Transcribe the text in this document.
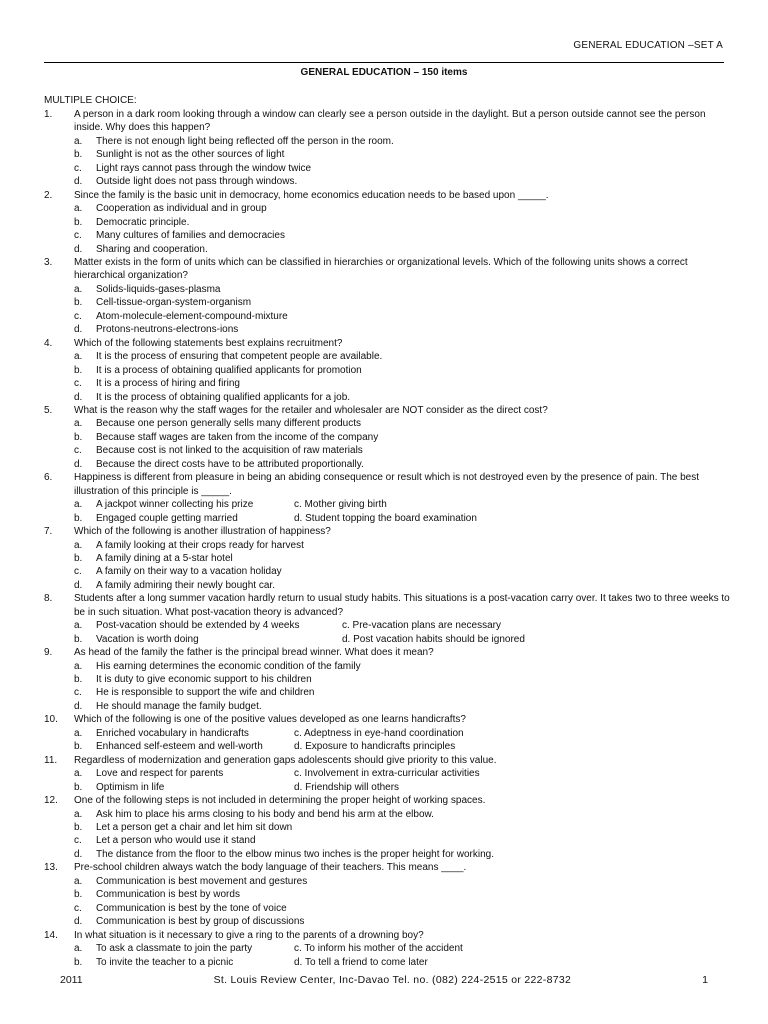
GENERAL EDUCATION –SET A
GENERAL EDUCATION – 150 items
MULTIPLE CHOICE:
1.	A person in a dark room looking through a window can clearly see a person outside in the daylight. But a person outside cannot see the person inside. Why does this happen?
a.	There is not enough light being reflected off the person in the room.
b.	Sunlight is not as the other sources of light
c.	Light rays cannot pass through the window twice
d.	Outside light does not pass through windows.
2.	Since the family is the basic unit in democracy, home economics education needs to be based upon _____.
a.	Cooperation as individual and in group
b.	Democratic principle.
c.	Many cultures of families and democracies
d.	Sharing and cooperation.
3.	Matter exists in the form of units which can be classified in hierarchies or organizational levels. Which of the following units shows a correct hierarchical organization?
a.	Solids-liquids-gases-plasma
b.	Cell-tissue-organ-system-organism
c.	Atom-molecule-element-compound-mixture
d.	Protons-neutrons-electrons-ions
4.	Which of the following statements best explains recruitment?
a.	It is the process of ensuring that competent people are available.
b.	It is a process of obtaining qualified applicants for promotion
c.	It is a process of hiring and firing
d.	It is the process of obtaining qualified applicants for a job.
5.	What is the reason why the staff wages for the retailer and wholesaler are NOT consider as the direct cost?
a.	Because one person generally sells many different products
b.	Because staff wages are taken from the income of the company
c.	Because cost is not linked to the acquisition of raw materials
d.	Because the direct costs have to be attributed proportionally.
6.	Happiness is different from pleasure in being an abiding consequence or result which is not destroyed even by the presence of pain. The best illustration of this principle is _____.
a.	A jackpot winner collecting his prize	c. Mother giving birth
b.	Engaged couple getting married	d. Student topping the board examination
7.	Which of the following is another illustration of happiness?
a.	A family looking at their crops ready for harvest
b.	A family dining at a 5-star hotel
c.	A family on their way to a vacation holiday
d.	A family admiring their newly bought car.
8.	Students after a long summer vacation hardly return to usual study habits. This situations is a post-vacation carry over. It takes two to three weeks to be in such situation. What post-vacation theory is advanced?
a.	Post-vacation should be extended by 4 weeks	c. Pre-vacation plans are necessary
b.	Vacation is worth doing	d. Post vacation habits should be ignored
9.	As head of the family the father is the principal bread winner. What does it mean?
a.	His earning determines the economic condition of the family
b.	It is duty to give economic support to his children
c.	He is responsible to support the wife and children
d.	He should manage the family budget.
10.	Which of the following is one of the positive values developed as one learns handicrafts?
a.	Enriched vocabulary in handicrafts	c. Adeptness in eye-hand coordination
b.	Enhanced self-esteem and well-worth	d. Exposure to handicrafts principles
11.	Regardless of modernization and generation gaps adolescents should give priority to this value.
a.	Love and respect for parents	c. Involvement in extra-curricular activities
b.	Optimism in life	d. Friendship will others
12.	One of the following steps is not included in determining the proper height of working spaces.
a.	Ask him to place his arms closing to his body and bend his arm at the elbow.
b.	Let a person get a chair and let him sit down
c.	Let a person who would use it stand
d.	The distance from the floor to the elbow minus two inches is the proper height for working.
13.	Pre-school children always watch the body language of their teachers. This means ____.
a.	Communication is best movement and gestures
b.	Communication is best by words
c.	Communication is best by the tone of voice
d.	Communication is best by group of discussions
14.	In what situation is it necessary to give a ring to the parents of a drowning boy?
a.	To ask a classmate to join the party	c. To inform his mother of the accident
b.	To invite the teacher to a picnic	d. To tell a friend to come later
2011	St. Louis Review Center, Inc-Davao Tel. no. (082) 224-2515 or 222-8732	1
